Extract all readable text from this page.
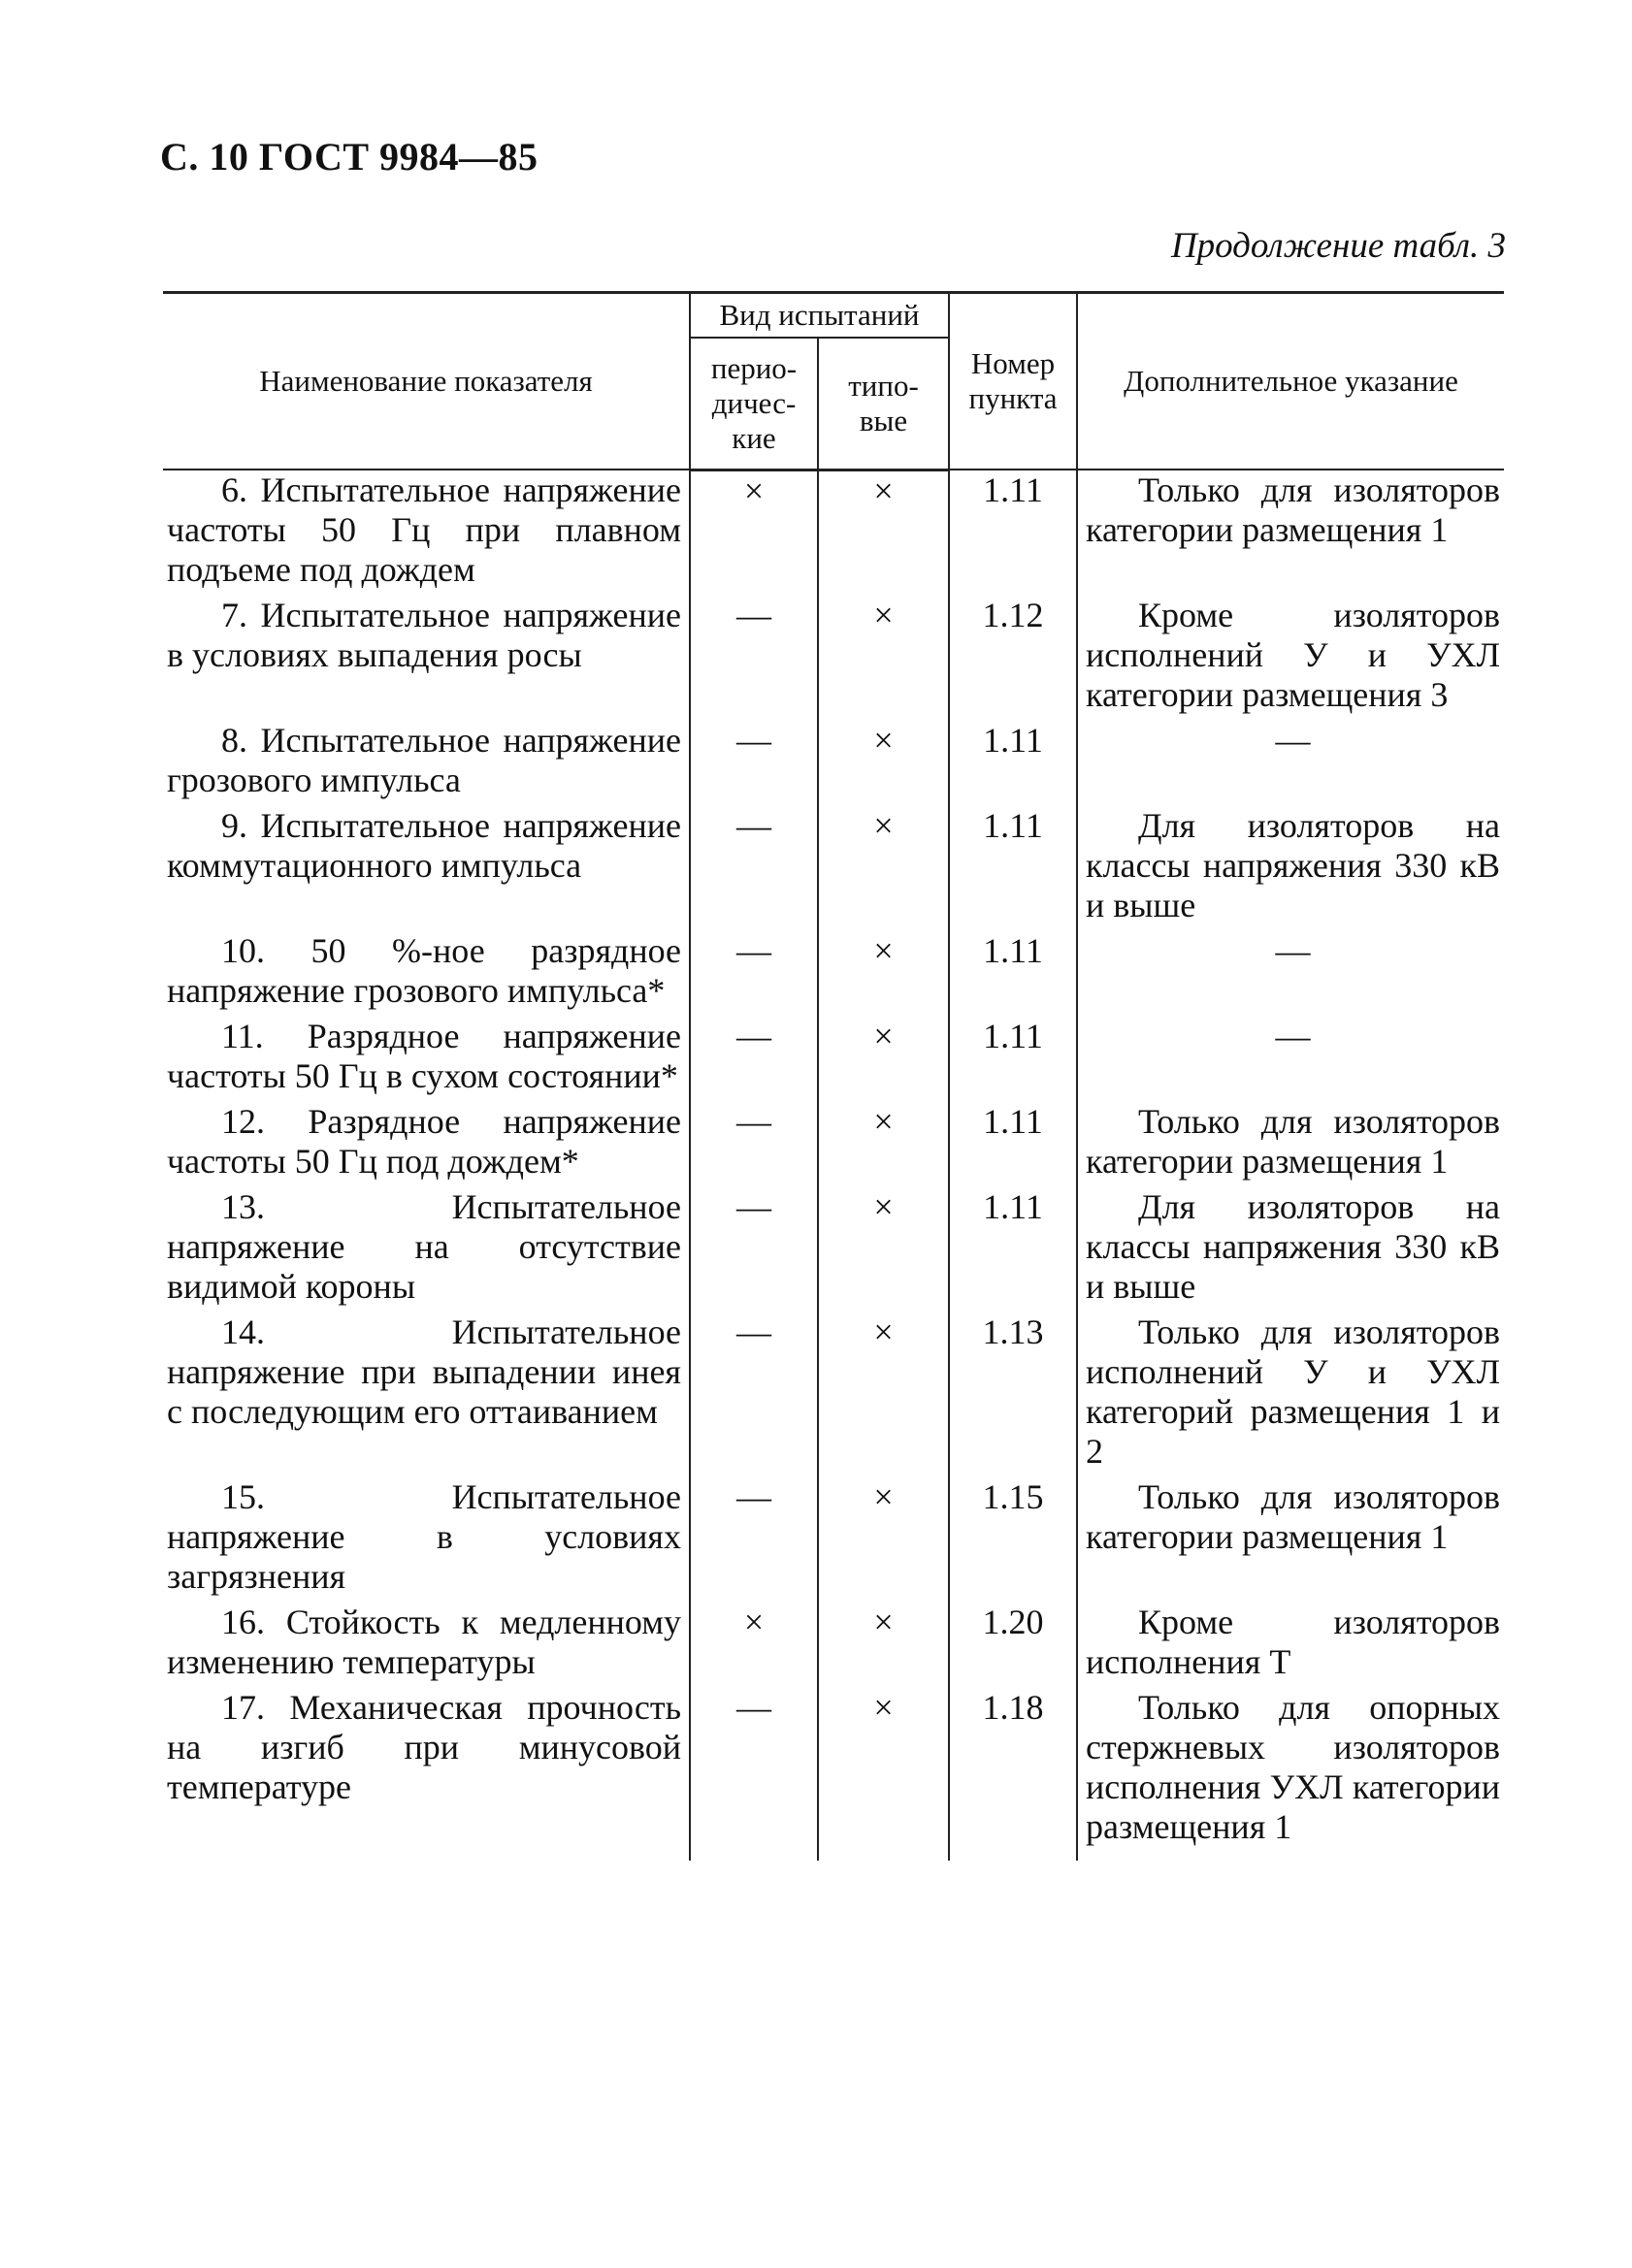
С. 10 ГОСТ 9984—85
Продолжение табл. 3
Наименование показателя	Вид испытаний		Номер пункта	Дополнительное указание
	перио-дичес-кие	типо-вые		
6. Испытательное напряжение частоты 50 Гц при плавном подъеме под дождем	×	×	1.11	Только для изоляторов категории размещения 1
7. Испытательное напряжение в условиях выпадения росы	—	×	1.12	Кроме изоляторов исполнений У и УХЛ категории размещения 3
8. Испытательное напряжение грозового импульса	—	×	1.11	—
9. Испытательное напряжение коммутационного импульса	—	×	1.11	Для изоляторов на классы напряжения 330 кВ и выше
10. 50 %-ное разрядное напряжение грозового импульса*	—	×	1.11	—
11. Разрядное напряжение частоты 50 Гц в сухом состоянии*	—	×	1.11	—
12. Разрядное напряжение частоты 50 Гц под дождем*	—	×	1.11	Только для изоляторов категории размещения 1
13. Испытательное напряжение на отсутствие видимой короны	—	×	1.11	Для изоляторов на классы напряжения 330 кВ и выше
14. Испытательное напряжение при выпадении инея с последующим его оттаиванием	—	×	1.13	Только для изоляторов исполнений У и УХЛ категорий размещения 1 и 2
15. Испытательное напряжение в условиях загрязнения	—	×	1.15	Только для изоляторов категории размещения 1
16. Стойкость к медленному изменению температуры	×	×	1.20	Кроме изоляторов исполнения Т
17. Механическая прочность на изгиб при минусовой температуре	—	×	1.18	Только для опорных стержневых изоляторов исполнения УХЛ категории размещения 1
